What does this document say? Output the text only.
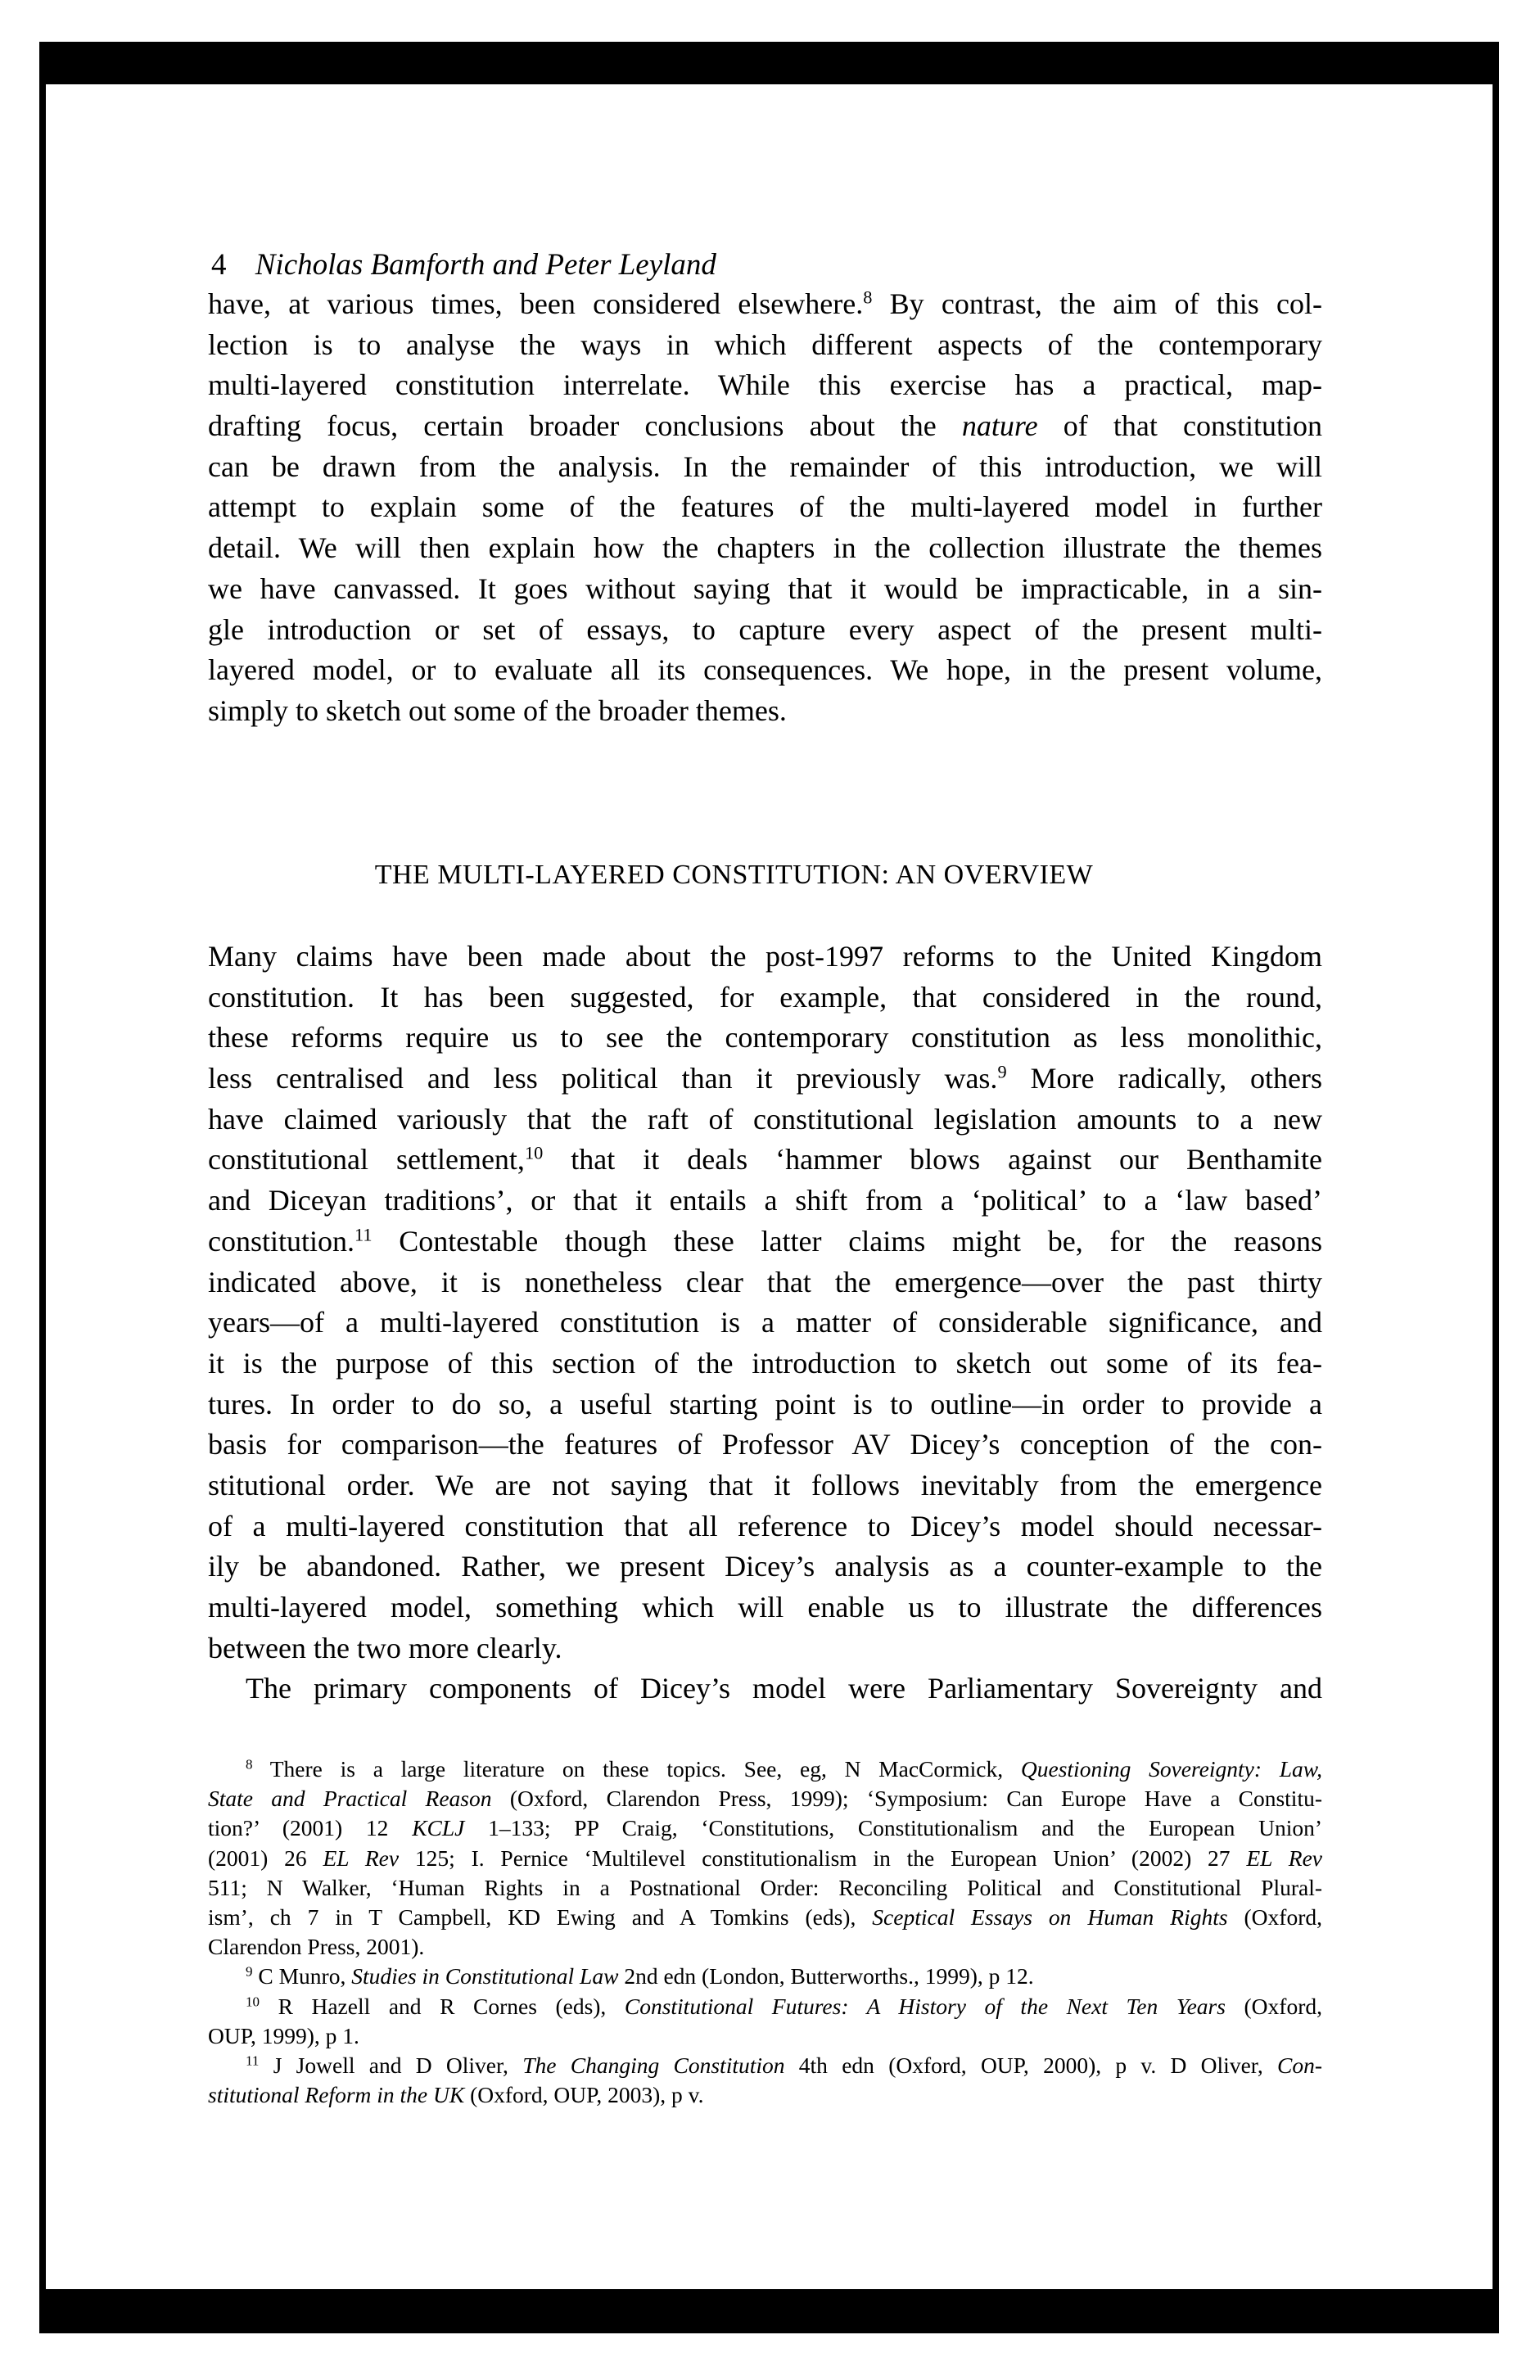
4 Nicholas Bamforth and Peter Leyland
have, at various times, been considered elsewhere.$^8$ By contrast, the aim of this col-
lection is to analyse the ways in which different aspects of the contemporary
multi-layered constitution interrelate. While this exercise has a practical, map-
drafting focus, certain broader conclusions about the nature of that constitution
can be drawn from the analysis. In the remainder of this introduction, we will
attempt to explain some of the features of the multi-layered model in further
detail. We will then explain how the chapters in the collection illustrate the themes
we have canvassed. It goes without saying that it would be impracticable, in a sin-
gle introduction or set of essays, to capture every aspect of the present multi-
layered model, or to evaluate all its consequences. We hope, in the present volume,
simply to sketch out some of the broader themes.
THE MULTI-LAYERED CONSTITUTION: AN OVERVIEW
Many claims have been made about the post-1997 reforms to the United Kingdom
constitution. It has been suggested, for example, that considered in the round,
these reforms require us to see the contemporary constitution as less monolithic,
less centralised and less political than it previously was.$^9$ More radically, others
have claimed variously that the raft of constitutional legislation amounts to a new
constitutional settlement,$^{10}$ that it deals ‘hammer blows against our Benthamite
and Diceyan traditions’, or that it entails a shift from a ‘political’ to a ‘law based’
constitution.$^{11}$ Contestable though these latter claims might be, for the reasons
indicated above, it is nonetheless clear that the emergence—over the past thirty
years—of a multi-layered constitution is a matter of considerable significance, and
it is the purpose of this section of the introduction to sketch out some of its fea-
tures. In order to do so, a useful starting point is to outline—in order to provide a
basis for comparison—the features of Professor AV Dicey’s conception of the con-
stitutional order. We are not saying that it follows inevitably from the emergence
of a multi-layered constitution that all reference to Dicey’s model should necessar-
ily be abandoned. Rather, we present Dicey’s analysis as a counter-example to the
multi-layered model, something which will enable us to illustrate the differences
between the two more clearly.
The primary components of Dicey’s model were Parliamentary Sovereignty and
$^8$ There is a large literature on these topics. See, eg, N MacCormick, Questioning Sovereignty: Law,
State and Practical Reason (Oxford, Clarendon Press, 1999); ‘Symposium: Can Europe Have a Constitu-
tion?’ (2001) 12 KCLJ 1–133; PP Craig, ‘Constitutions, Constitutionalism and the European Union’
(2001) 26 EL Rev 125; I. Pernice ‘Multilevel constitutionalism in the European Union’ (2002) 27 EL Rev
511; N Walker, ‘Human Rights in a Postnational Order: Reconciling Political and Constitutional Plural-
ism’, ch 7 in T Campbell, KD Ewing and A Tomkins (eds), Sceptical Essays on Human Rights (Oxford,
Clarendon Press, 2001).
$^9$ C Munro, Studies in Constitutional Law 2nd edn (London, Butterworths., 1999), p 12.
$^{10}$ R Hazell and R Cornes (eds), Constitutional Futures: A History of the Next Ten Years (Oxford,
OUP, 1999), p 1.
$^{11}$ J Jowell and D Oliver, The Changing Constitution 4th edn (Oxford, OUP, 2000), p v. D Oliver, Con-
stitutional Reform in the UK (Oxford, OUP, 2003), p v.
